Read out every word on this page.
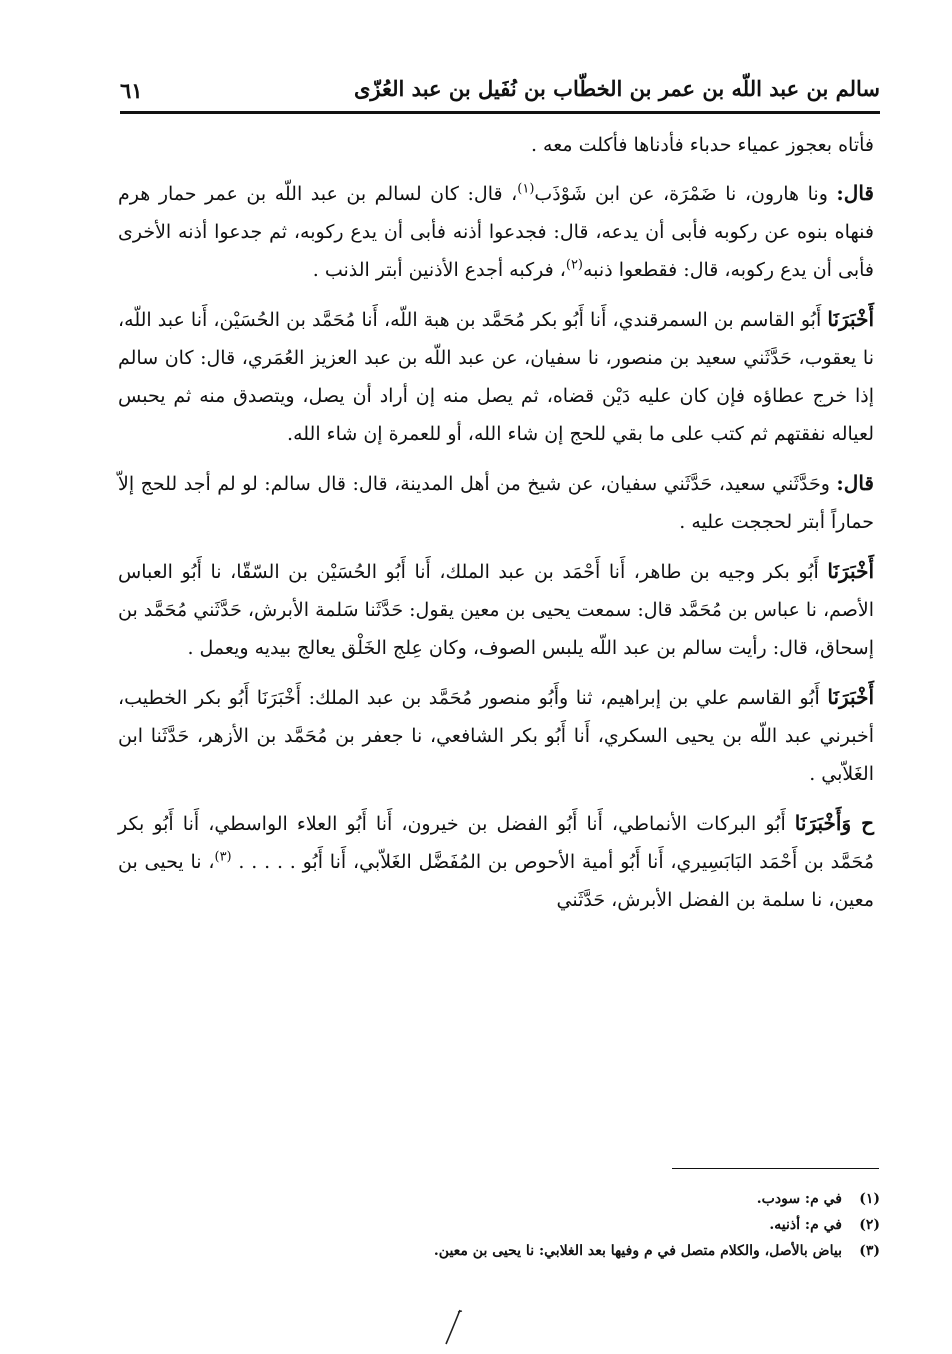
سالم بن عبد اللّه بن عمر بن الخطّاب بن نُفَيل بن عبد العُزّى
٦١

فأتاه بعجوز عمياء حدباء فأدناها فأكلت معه .

قال: ونا هارون، نا ضَمْرَة، عن ابن شَوْذَب$^{(١)}$، قال: كان لسالم بن عبد اللّه بن عمر حمار هرم فنهاه بنوه عن ركوبه فأبى أن يدعه، قال: فجدعوا أذنه فأبى أن يدع ركوبه، ثم جدعوا أذنه الأخرى فأبى أن يدع ركوبه، قال: فقطعوا ذنبه$^{(٢)}$، فركبه أجدع الأذنين أبتر الذنب .

أَخْبَرَنَا أَبُو القاسم بن السمرقندي، أَنا أَبُو بكر مُحَمَّد بن هبة اللّه، أَنا مُحَمَّد بن الحُسَيْن، أَنا عبد اللّه، نا يعقوب، حَدَّثَني سعيد بن منصور، نا سفيان، عن عبد اللّه بن عبد العزيز العُمَري، قال: كان سالم إذا خرج عطاؤه فإن كان عليه دَيْن قضاه، ثم يصل منه إن أراد أن يصل، ويتصدق منه ثم يحبس لعياله نفقتهم ثم كتب على ما بقي للحج إن شاء الله، أو للعمرة إن شاء الله.

قال: وحَدَّثَني سعيد، حَدَّثَني سفيان، عن شيخ من أهل المدينة، قال: قال سالم: لو لم أجد للحج إلاّ حماراً أبتر لحججت عليه .

أَخْبَرَنَا أَبُو بكر وجيه بن طاهر، أَنا أَحْمَد بن عبد الملك، أَنا أَبُو الحُسَيْن بن السّقّا، نا أَبُو العباس الأصم، نا عباس بن مُحَمَّد قال: سمعت يحيى بن معين يقول: حَدَّثَنا سَلمة الأبرش، حَدَّثَني مُحَمَّد بن إسحاق، قال: رأيت سالم بن عبد اللّه يلبس الصوف، وكان عِلج الخَلْق يعالج بيديه ويعمل .

أَخْبَرَنَا أَبُو القاسم علي بن إبراهيم، ثنا وأَبُو منصور مُحَمَّد بن عبد الملك: أَخْبَرَنَا أَبُو بكر الخطيب، أخبرني عبد اللّه بن يحيى السكري، أَنا أَبُو بكر الشافعي، نا جعفر بن مُحَمَّد بن الأزهر، حَدَّثَنا ابن الغَلاّبي .

ح وَأَخْبَرَنَا أَبُو البركات الأنماطي، أَنا أَبُو الفضل بن خيرون، أَنا أَبُو العلاء الواسطي، أَنا أَبُو بكر مُحَمَّد بن أَحْمَد البَابَسِيري، أَنا أَبُو أمية الأحوص بن المُفَضَّل الغَلاّبي، أَنا أَبُو . . . . . $^{(٣)}$، نا يحيى بن معين، نا سلمة بن الفضل الأبرش، حَدَّثَني

(١)في م: سودب.

(٢)في م: أذنيه.

(٣)بياض بالأصل، والكلام متصل في م وفيها بعد الغلابي: نا يحيى بن معين.
